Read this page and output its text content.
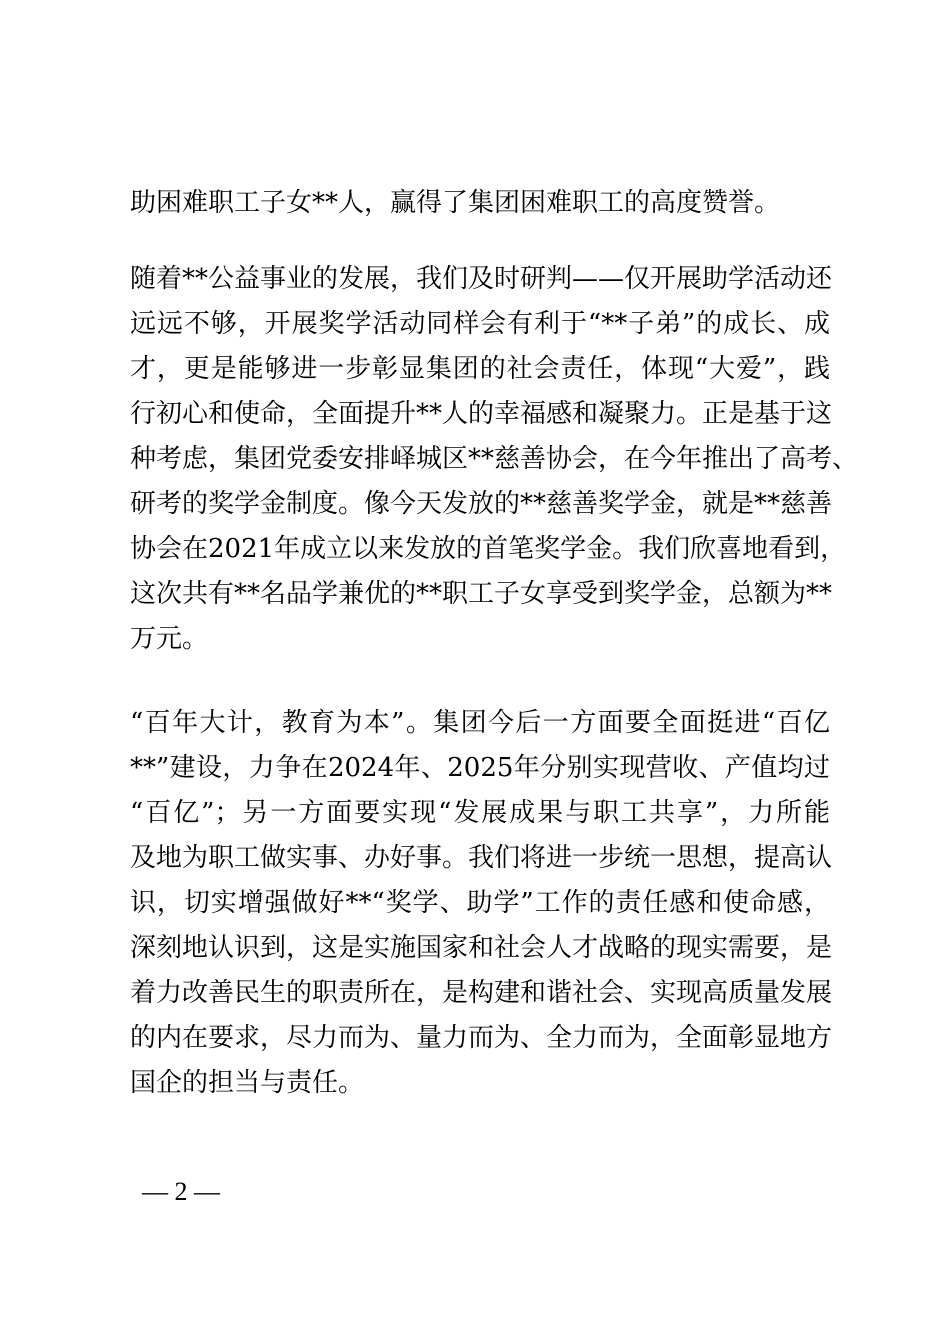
助困难职工子女**人，赢得了集团困难职工的高度赞誉。
随着**公益事业的发展，我们及时研判——仅开展助学活动还
远远不够，开展奖学活动同样会有利于“**子弟”的成长、成
才，更是能够进一步彰显集团的社会责任，体现“大爱”，践
行初心和使命，全面提升**人的幸福感和凝聚力。正是基于这
种考虑，集团党委安排峄城区**慈善协会，在今年推出了高考、
研考的奖学金制度。像今天发放的**慈善奖学金，就是**慈善
协会在2021年成立以来发放的首笔奖学金。我们欣喜地看到，
这次共有**名品学兼优的**职工子女享受到奖学金，总额为**
万元。
“百年大计，教育为本”。集团今后一方面要全面挺进“百亿
**”建设，力争在2024年、2025年分别实现营收、产值均过
“百亿”；另一方面要实现“发展成果与职工共享”，力所能
及地为职工做实事、办好事。我们将进一步统一思想，提高认
识，切实增强做好**“奖学、助学”工作的责任感和使命感，
深刻地认识到，这是实施国家和社会人才战略的现实需要，是
着力改善民生的职责所在，是构建和谐社会、实现高质量发展
的内在要求，尽力而为、量力而为、全力而为，全面彰显地方
国企的担当与责任。
— 2 —
